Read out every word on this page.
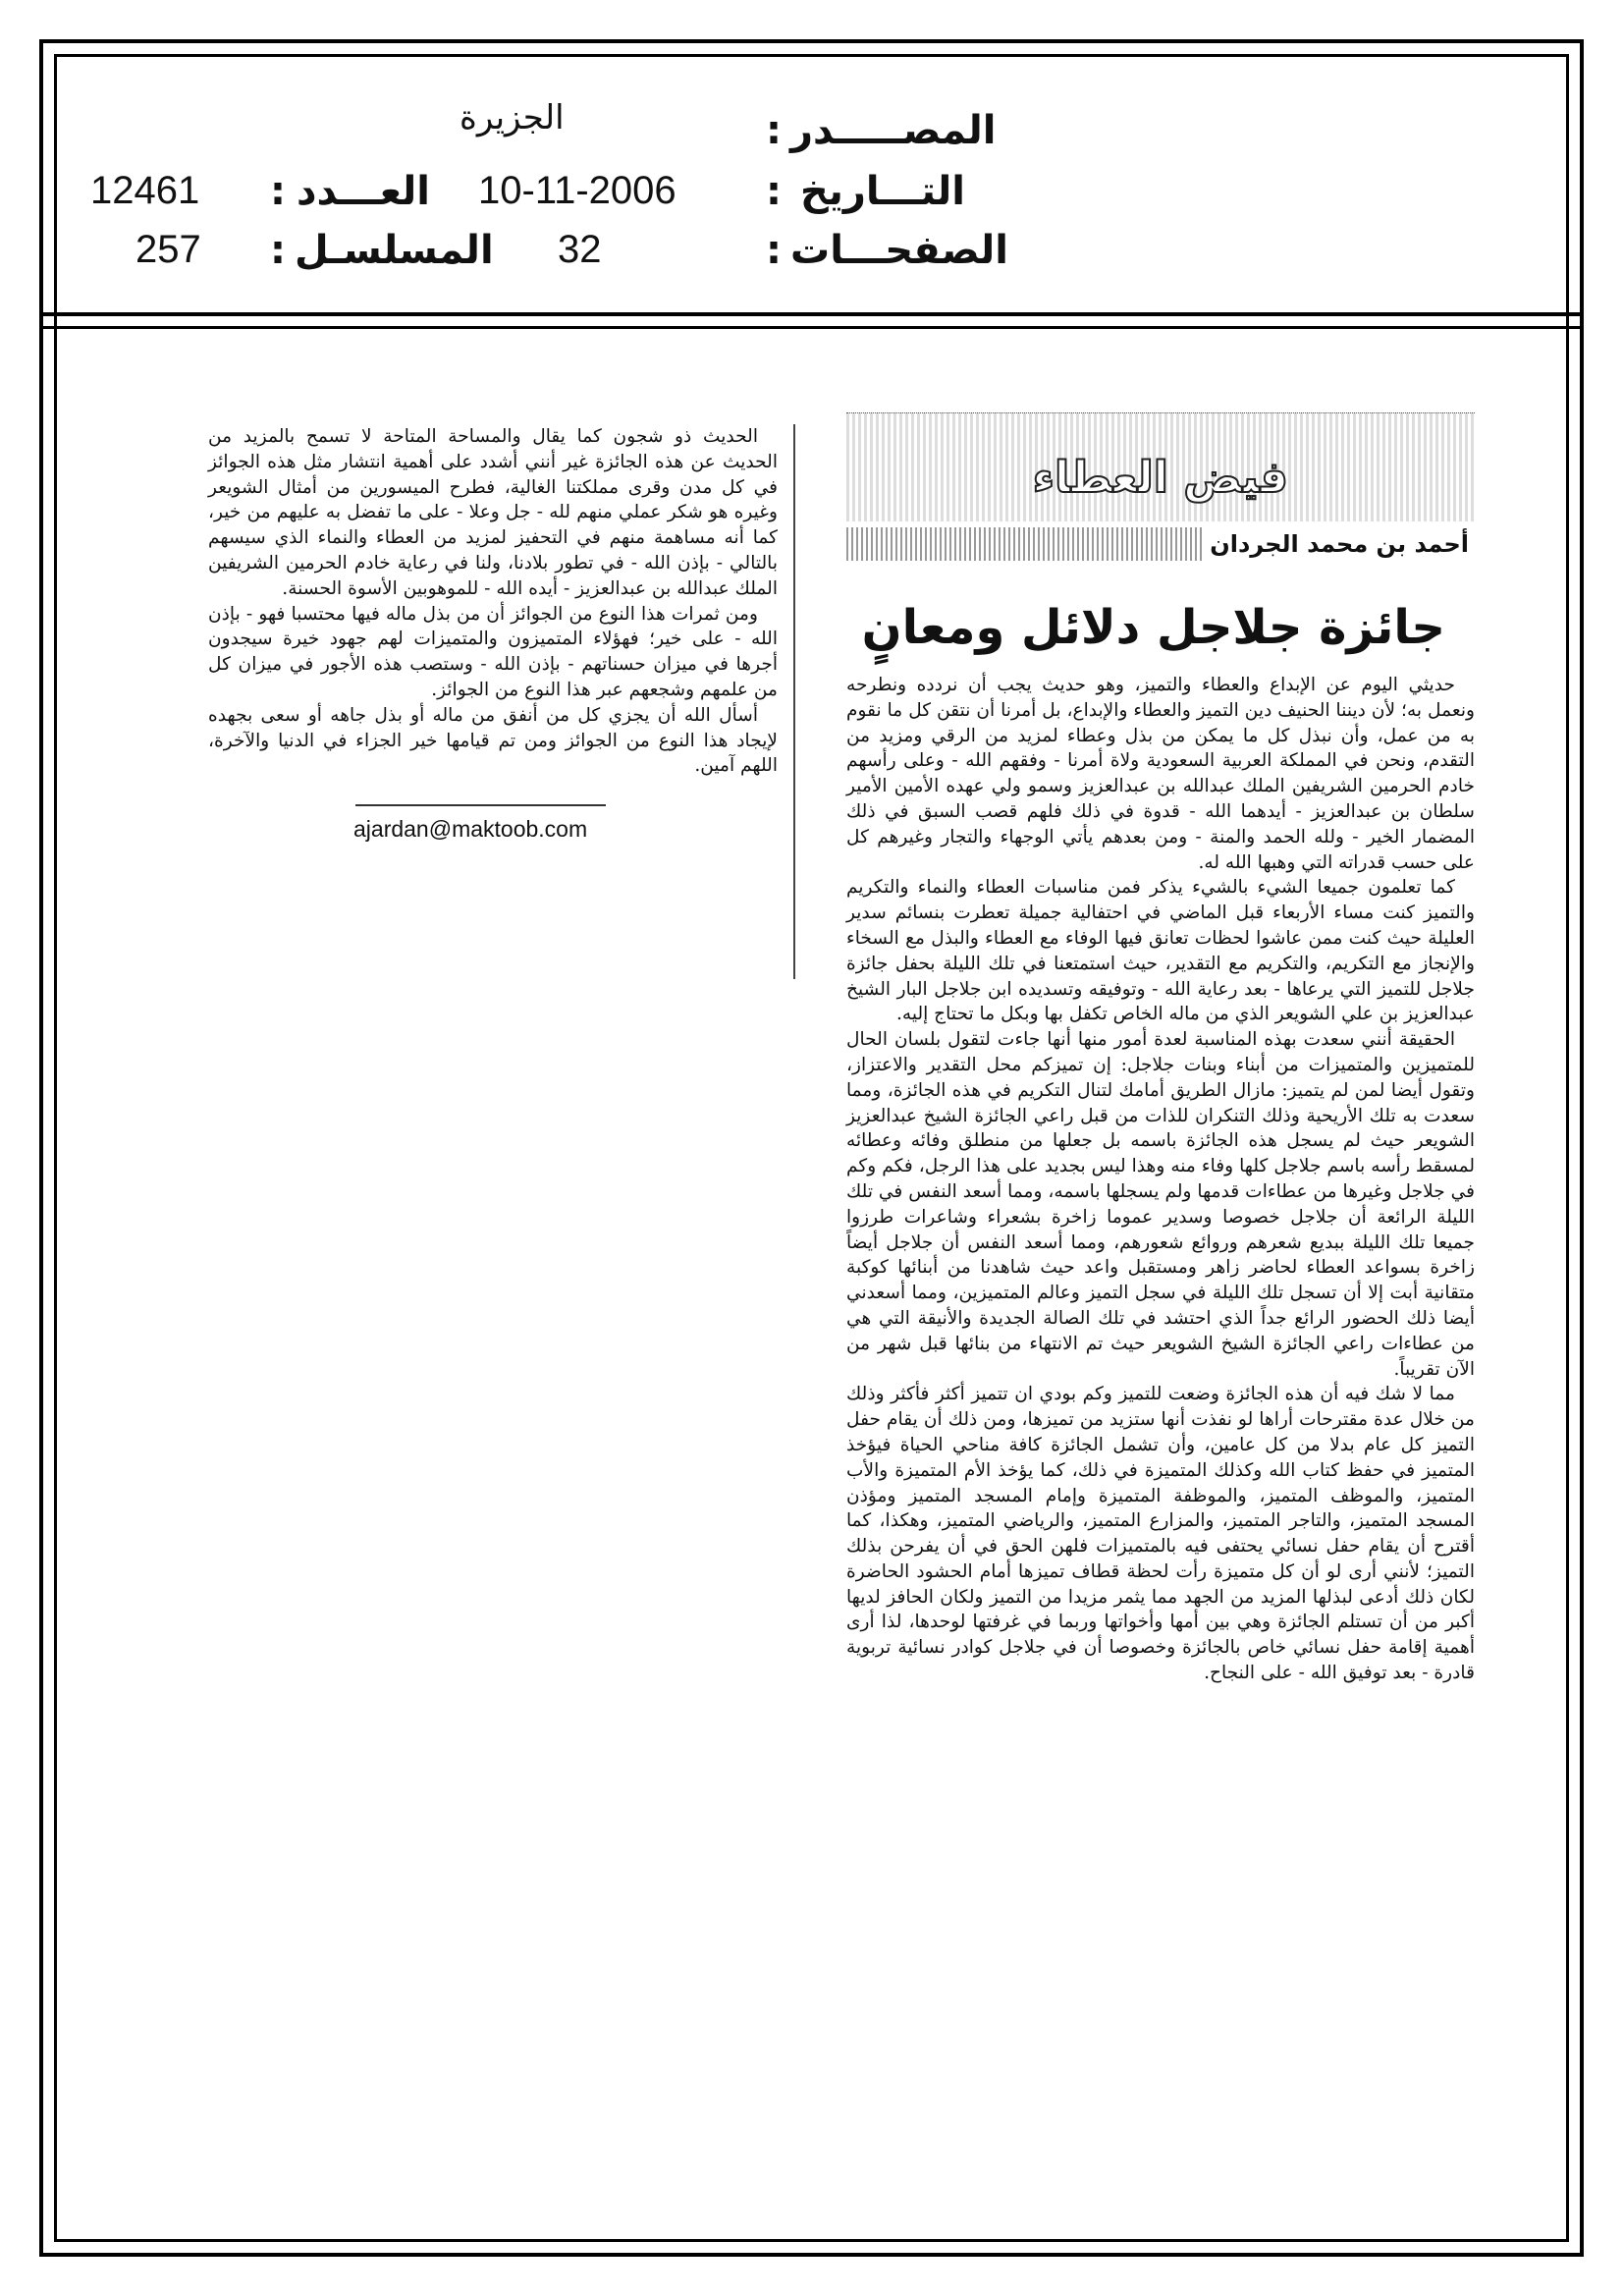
الجزيرة	المصـــــدر
:
التـــاريخ
:
10-11-2006
الصفحـــات
:
32
العـــدد
:
12461
المسلسـل
:
257
فيض العطاء
أحمد بن محمد الجردان
جائزة جلاجل دلائل ومعانٍ

حديثي اليوم عن الإبداع والعطاء والتميز، وهو حديث يجب أن نردده ونطرحه ونعمل به؛ لأن ديننا الحنيف دين التميز والعطاء والإبداع، بل أمرنا أن نتقن كل ما نقوم به من عمل، وأن نبذل كل ما يمكن من بذل وعطاء لمزيد من الرقي ومزيد من التقدم، ونحن في المملكة العربية السعودية ولاة أمرنا - وفقهم الله - وعلى رأسهم خادم الحرمين الشريفين الملك عبدالله بن عبدالعزيز وسمو ولي عهده الأمين الأمير سلطان بن عبدالعزيز - أيدهما الله - قدوة في ذلك فلهم قصب السبق في ذلك المضمار الخير - ولله الحمد والمنة - ومن بعدهم يأتي الوجهاء والتجار وغيرهم كل على حسب قدراته التي وهبها الله له.

كما تعلمون جميعا الشيء بالشيء يذكر فمن مناسبات العطاء والنماء والتكريم والتميز كنت مساء الأربعاء قبل الماضي في احتفالية جميلة تعطرت بنسائم سدير العليلة حيث كنت ممن عاشوا لحظات تعانق فيها الوفاء مع العطاء والبذل مع السخاء والإنجاز مع التكريم، والتكريم مع التقدير، حيث استمتعنا في تلك الليلة بحفل جائزة جلاجل للتميز التي يرعاها - بعد رعاية الله - وتوفيقه وتسديده ابن جلاجل البار الشيخ عبدالعزيز بن علي الشويعر الذي من ماله الخاص تكفل بها وبكل ما تحتاج إليه.

الحقيقة أنني سعدت بهذه المناسبة لعدة أمور منها أنها جاءت لتقول بلسان الحال للمتميزين والمتميزات من أبناء وبنات جلاجل: إن تميزكم محل التقدير والاعتزاز، وتقول أيضا لمن لم يتميز: مازال الطريق أمامك لتنال التكريم في هذه الجائزة، ومما سعدت به تلك الأريحية وذلك التنكران للذات من قبل راعي الجائزة الشيخ عبدالعزيز الشويعر حيث لم يسجل هذه الجائزة باسمه بل جعلها من منطلق وفائه وعطائه لمسقط رأسه باسم جلاجل كلها وفاء منه وهذا ليس بجديد على هذا الرجل، فكم وكم في جلاجل وغيرها من عطاءات قدمها ولم يسجلها باسمه، ومما أسعد النفس في تلك الليلة الرائعة أن جلاجل خصوصا وسدير عموما زاخرة بشعراء وشاعرات طرزوا جميعا تلك الليلة ببديع شعرهم وروائع شعورهم، ومما أسعد النفس أن جلاجل أيضاً زاخرة بسواعد العطاء لحاضر زاهر ومستقبل واعد حيث شاهدنا من أبنائها كوكبة متقانية أبت إلا أن تسجل تلك الليلة في سجل التميز وعالم المتميزين، ومما أسعدني أيضا ذلك الحضور الرائع جداً الذي احتشد في تلك الصالة الجديدة والأنيقة التي هي من عطاءات راعي الجائزة الشيخ الشويعر حيث تم الانتهاء من بنائها قبل شهر من الآن تقريباً.

مما لا شك فيه أن هذه الجائزة وضعت للتميز وكم بودي ان تتميز أكثر فأكثر وذلك من خلال عدة مقترحات أراها لو نفذت أنها ستزيد من تميزها، ومن ذلك أن يقام حفل التميز كل عام بدلا من كل عامين، وأن تشمل الجائزة كافة مناحي الحياة فيؤخذ المتميز في حفظ كتاب الله وكذلك المتميزة في ذلك، كما يؤخذ الأم المتميزة والأب المتميز، والموظف المتميز، والموظفة المتميزة وإمام المسجد المتميز ومؤذن المسجد المتميز، والتاجر المتميز، والمزارع المتميز، والرياضي المتميز، وهكذا، كما أقترح أن يقام حفل نسائي يحتفى فيه بالمتميزات فلهن الحق في أن يفرحن بذلك التميز؛ لأنني أرى لو أن كل متميزة رأت لحظة قطاف تميزها أمام الحشود الحاضرة لكان ذلك أدعى لبذلها المزيد من الجهد مما يثمر مزيدا من التميز ولكان الحافز لديها أكبر من أن تستلم الجائزة وهي بين أمها وأخواتها وربما في غرفتها لوحدها، لذا أرى أهمية إقامة حفل نسائي خاص بالجائزة وخصوصا أن في جلاجل كوادر نسائية تربوية قادرة - بعد توفيق الله - على النجاح.

الحديث ذو شجون كما يقال والمساحة المتاحة لا تسمح بالمزيد من الحديث عن هذه الجائزة غير أنني أشدد على أهمية انتشار مثل هذه الجوائز في كل مدن وقرى مملكتنا الغالية، فطرح الميسورين من أمثال الشويعر وغيره هو شكر عملي منهم لله - جل وعلا - على ما تفضل به عليهم من خير، كما أنه مساهمة منهم في التحفيز لمزيد من العطاء والنماء الذي سيسهم بالتالي - بإذن الله - في تطور بلادنا، ولنا في رعاية خادم الحرمين الشريفين الملك عبدالله بن عبدالعزيز - أيده الله - للموهوبين الأسوة الحسنة.

ومن ثمرات هذا النوع من الجوائز أن من بذل ماله فيها محتسبا فهو - بإذن الله - على خير؛ فهؤلاء المتميزون والمتميزات لهم جهود خيرة سيجدون أجرها في ميزان حسناتهم - بإذن الله - وستصب هذه الأجور في ميزان كل من علمهم وشجعهم عبر هذا النوع من الجوائز.

أسأل الله أن يجزي كل من أنفق من ماله أو بذل جاهه أو سعى بجهده لإيجاد هذا النوع من الجوائز ومن تم قيامها خير الجزاء في الدنيا والآخرة، اللهم آمين.

ajardan@maktoob.com
